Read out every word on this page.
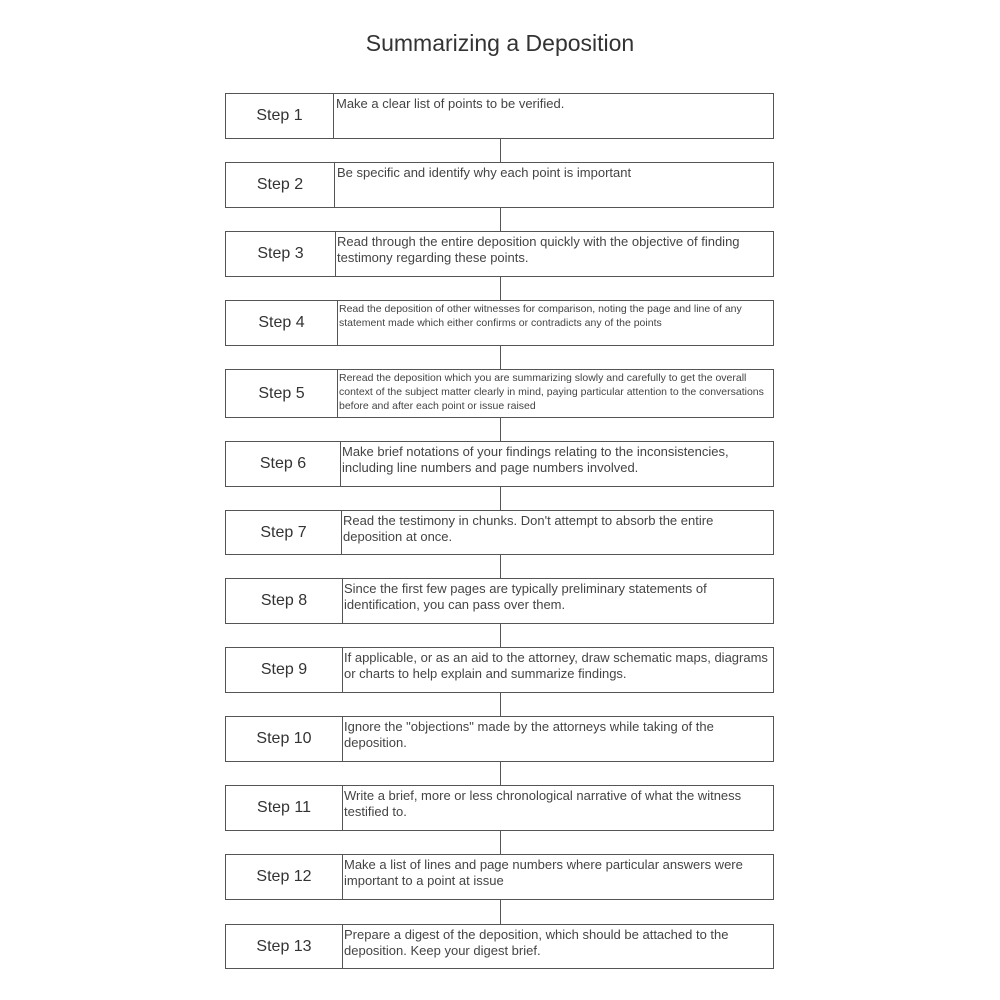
Summarizing a Deposition
Step 1
Make a clear list of points to be verified.
Step 2
Be specific and identify why each point is important
Step 3
Read through the entire deposition quickly with the objective of finding testimony regarding these points.
Step 4
Read the deposition of other witnesses for comparison, noting the page and line of any statement made which either confirms or contradicts any of the points
Step 5
Reread the deposition which you are summarizing slowly and carefully to get the overall context of the subject matter clearly in mind, paying particular attention to the conversations before and after each point or issue raised
Step 6
Make brief notations of your findings relating to the inconsistencies, including line numbers and page numbers involved.
Step 7
Read the testimony in chunks. Don't attempt to absorb the entire deposition at once.
Step 8
Since the first few pages are typically preliminary statements of identification, you can pass over them.
Step 9
If applicable, or as an aid to the attorney, draw schematic maps, diagrams or charts to help explain and summarize findings.
Step 10
Ignore the "objections" made by the attorneys while taking of the deposition.
Step 11
Write a brief, more or less chronological narrative of what the witness testified to.
Step 12
Make a list of lines and page numbers where particular answers were important to a point at issue
Step 13
Prepare a digest of the deposition, which should be attached to the deposition. Keep your digest brief.
